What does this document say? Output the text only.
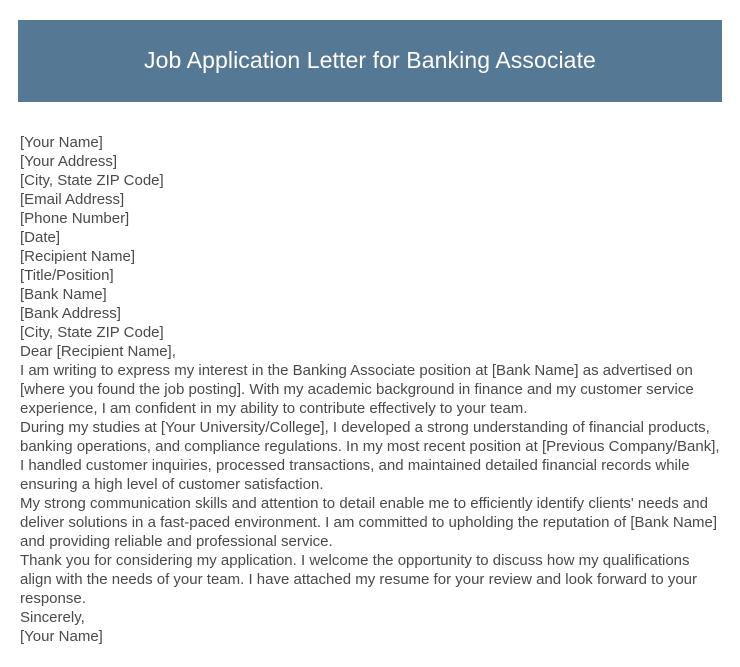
Job Application Letter for Banking Associate
[Your Name]
[Your Address]
[City, State ZIP Code]
[Email Address]
[Phone Number]
[Date]
[Recipient Name]
[Title/Position]
[Bank Name]
[Bank Address]
[City, State ZIP Code]
Dear [Recipient Name],
I am writing to express my interest in the Banking Associate position at [Bank Name] as advertised on [where you found the job posting]. With my academic background in finance and my customer service experience, I am confident in my ability to contribute effectively to your team.
During my studies at [Your University/College], I developed a strong understanding of financial products, banking operations, and compliance regulations. In my most recent position at [Previous Company/Bank], I handled customer inquiries, processed transactions, and maintained detailed financial records while ensuring a high level of customer satisfaction.
My strong communication skills and attention to detail enable me to efficiently identify clients' needs and deliver solutions in a fast-paced environment. I am committed to upholding the reputation of [Bank Name] and providing reliable and professional service.
Thank you for considering my application. I welcome the opportunity to discuss how my qualifications align with the needs of your team. I have attached my resume for your review and look forward to your response.
Sincerely,
[Your Name]
